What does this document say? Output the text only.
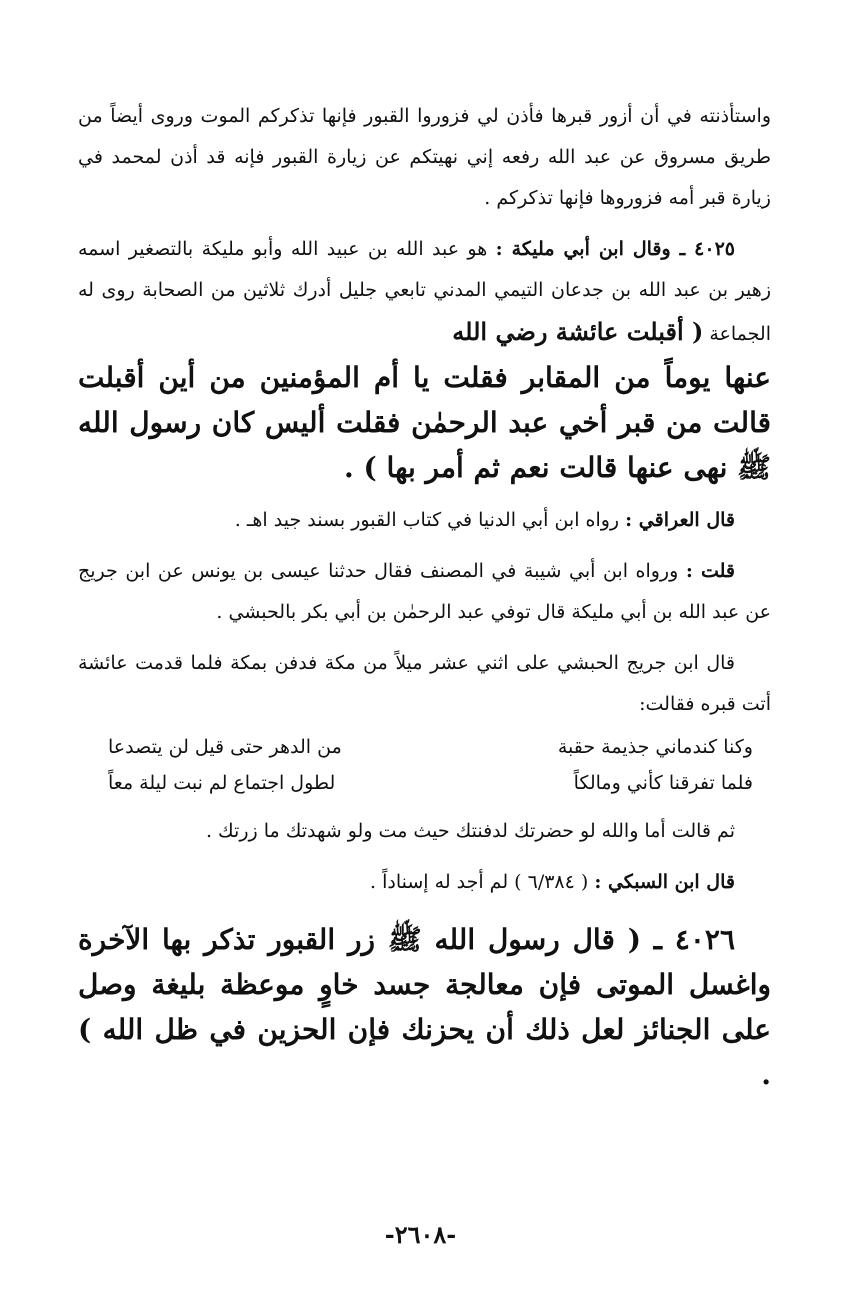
واستأذنته في أن أزور قبرها فأذن لي فزوروا القبور فإنها تذكركم الموت وروى أيضاً من طريق مسروق عن عبد الله رفعه إني نهيتكم عن زيارة القبور فإنه قد أذن لمحمد في زيارة قبر أمه فزوروها فإنها تذكركم .

٤٠٢٥ ـ وقال ابن أبي مليكة : هو عبد الله بن عبيد الله وأبو مليكة بالتصغير اسمه زهير بن عبد الله بن جدعان التيمي المدني تابعي جليل أدرك ثلاثين من الصحابة روى له الجماعة ( أقبلت عائشة رضي الله

عنها يوماً من المقابر فقلت يا أم المؤمنين من أين أقبلت قالت من قبر أخي عبد الرحمٰن فقلت أليس كان رسول الله ﷺ نهى عنها قالت نعم ثم أمر بها ) .

قال العراقي : رواه ابن أبي الدنيا في كتاب القبور بسند جيد اهـ .

قلت : ورواه ابن أبي شيبة في المصنف فقال حدثنا عيسى بن يونس عن ابن جريج عن عبد الله بن أبي مليكة قال توفي عبد الرحمٰن بن أبي بكر بالحبشي .

قال ابن جريج الحبشي على اثني عشر ميلاً من مكة فدفن بمكة فلما قدمت عائشة أتت قبره فقالت:

وكنا كندماني جذيمة حقبة
من الدهر حتى قيل لن يتصدعا
فلما تفرقنا كأني ومالكاً
لطول اجتماع لم نبت ليلة معاً

ثم قالت أما والله لو حضرتك لدفنتك حيث مت ولو شهدتك ما زرتك .

قال ابن السبكي : ( ٦/٣٨٤ ) لم أجد له إسناداً .

٤٠٢٦ ـ ( قال رسول الله ﷺ زر القبور تذكر بها الآخرة واغسل الموتى فإن معالجة جسد خاوٍ موعظة بليغة وصل على الجنائز لعل ذلك أن يحزنك فإن الحزين في ظل الله ) .

-٢٦٠٨-
